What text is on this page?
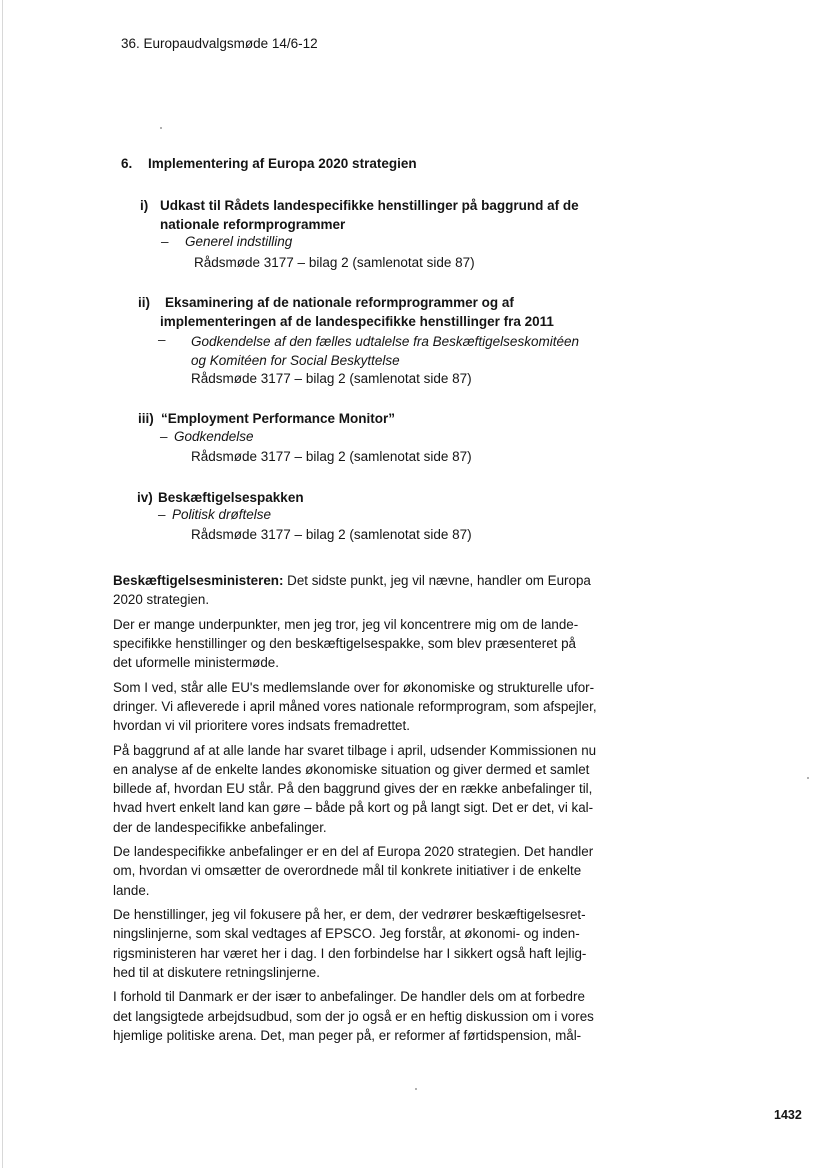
36. Europaudvalgsmøde 14/6-12
6. Implementering af Europa 2020 strategien
i) Udkast til Rådets landespecifikke henstillinger på baggrund af de
nationale reformprogrammer
– Generel indstilling
Rådsmøde 3177 – bilag 2 (samlenotat side 87)
ii) Eksaminering af de nationale reformprogrammer og af
implementeringen af de landespecifikke henstillinger fra 2011
– Godkendelse af den fælles udtalelse fra Beskæftigelseskomitéen
og Komitéen for Social Beskyttelse
Rådsmøde 3177 – bilag 2 (samlenotat side 87)
iii) “Employment Performance Monitor”
– Godkendelse
Rådsmøde 3177 – bilag 2 (samlenotat side 87)
iv) Beskæftigelsespakken
– Politisk drøftelse
Rådsmøde 3177 – bilag 2 (samlenotat side 87)

Beskæftigelsesministeren: Det sidste punkt, jeg vil nævne, handler om Europa
2020 strategien.

Der er mange underpunkter, men jeg tror, jeg vil koncentrere mig om de lande-
specifikke henstillinger og den beskæftigelsespakke, som blev præsenteret på
det uformelle ministermøde.

Som I ved, står alle EU's medlemslande over for økonomiske og strukturelle ufor-
dringer. Vi afleverede i april måned vores nationale reformprogram, som afspejler,
hvordan vi vil prioritere vores indsats fremadrettet.

På baggrund af at alle lande har svaret tilbage i april, udsender Kommissionen nu
en analyse af de enkelte landes økonomiske situation og giver dermed et samlet
billede af, hvordan EU står. På den baggrund gives der en række anbefalinger til,
hvad hvert enkelt land kan gøre – både på kort og på langt sigt. Det er det, vi kal-
der de landespecifikke anbefalinger.

De landespecifikke anbefalinger er en del af Europa 2020 strategien. Det handler
om, hvordan vi omsætter de overordnede mål til konkrete initiativer i de enkelte
lande.

De henstillinger, jeg vil fokusere på her, er dem, der vedrører beskæftigelsesret-
ningslinjerne, som skal vedtages af EPSCO. Jeg forstår, at økonomi- og inden-
rigsministeren har været her i dag. I den forbindelse har I sikkert også haft lejlig-
hed til at diskutere retningslinjerne.

I forhold til Danmark er der især to anbefalinger. De handler dels om at forbedre
det langsigtede arbejdsudbud, som der jo også er en heftig diskussion om i vores
hjemlige politiske arena. Det, man peger på, er reformer af førtidspension, mål-

1432
